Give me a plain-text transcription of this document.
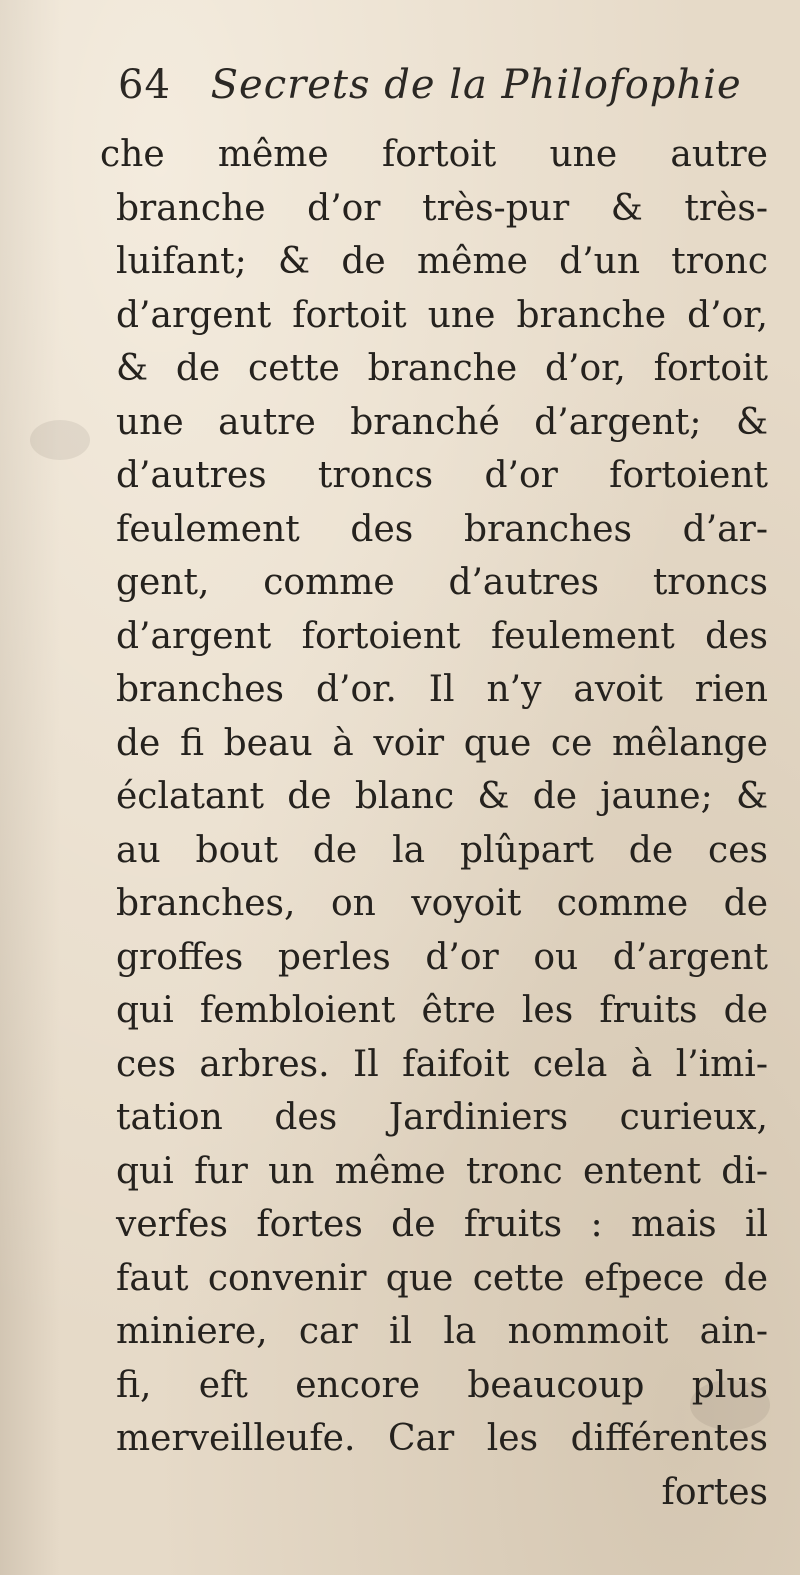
64 Secrets de la Philofophie
che même fortoit une autre
branche d’or très-pur & très-
luifant; & de même d’un tronc
d’argent fortoit une branche d’or,
& de cette branche d’or, fortoit
une autre branché d’argent; &
d’autres troncs d’or fortoient
feulement des branches d’ar-
gent, comme d’autres troncs
d’argent fortoient feulement des
branches d’or. Il n’y avoit rien
de fi beau à voir que ce mêlange
éclatant de blanc & de jaune; &
au bout de la plûpart de ces
branches, on voyoit comme de
groffes perles d’or ou d’argent
qui fembloient être les fruits de
ces arbres. Il faifoit cela à l’imi-
tation des Jardiniers curieux,
qui fur un même tronc entent di-
verfes fortes de fruits : mais il
faut convenir que cette efpece de
miniere, car il la nommoit ain-
fi, eft encore beaucoup plus
merveilleufe. Car les différentes
fortes
